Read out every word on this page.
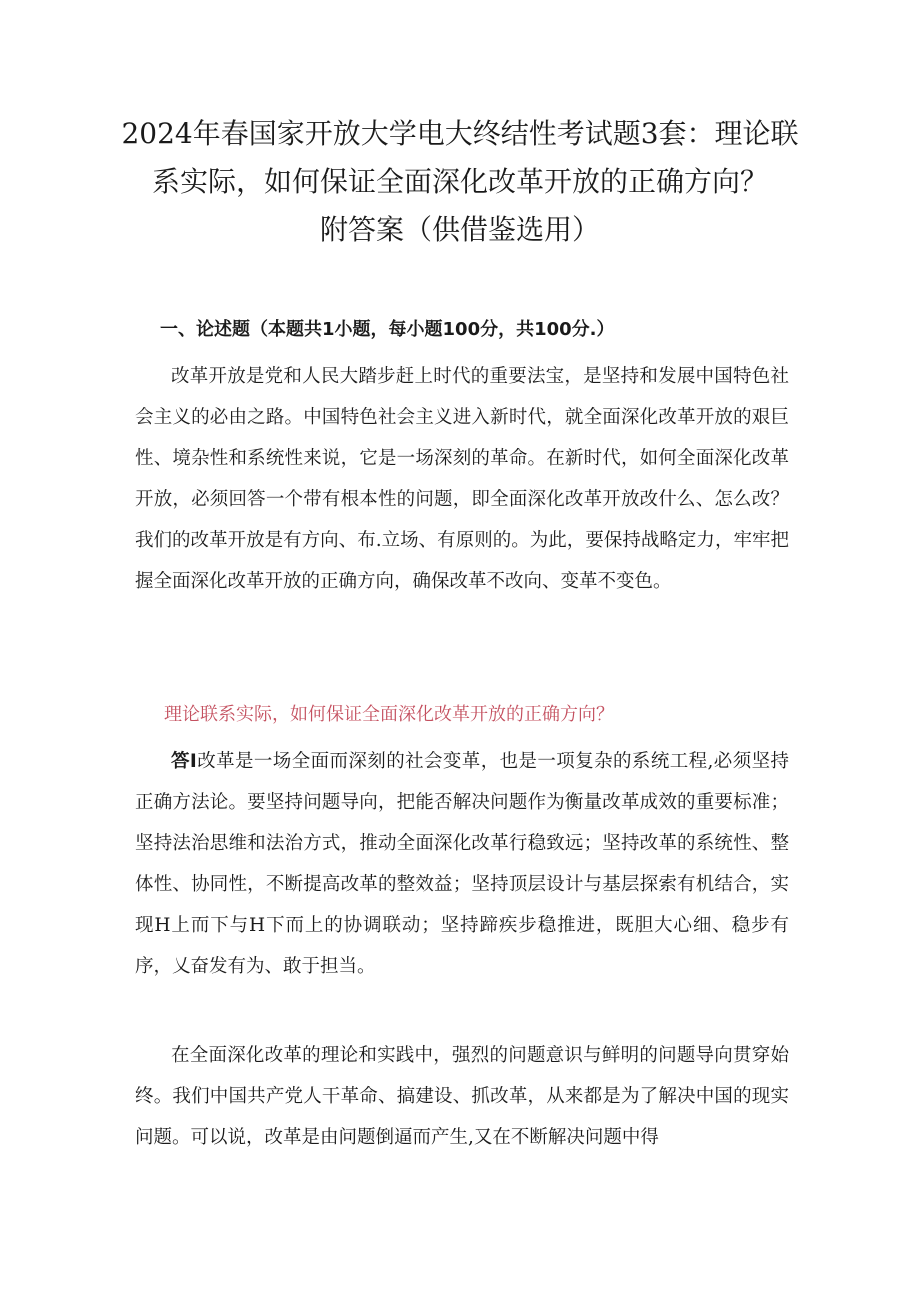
2024年春国家开放大学电大终结性考试题3套：理论联
系实际，如何保证全面深化改革开放的正确方向？
附答案（供借鉴选用）
一、论述题（本题共1小题，每小题100分，共100分.）

改革开放是党和人民大踏步赶上时代的重要法宝，是坚持和发展中国特色社会主义的必由之路。中国特色社会主义进入新时代，就全面深化改革开放的艰巨性、境杂性和系统性来说，它是一场深刻的革命。在新时代，如何全面深化改革开放，必须回答一个带有根本性的问题，即全面深化改革开放改什么、怎么改？我们的改革开放是有方向、布.立场、有原则的。为此，要保持战略定力，牢牢把握全面深化改革开放的正确方向，确保改革不改向、变革不变色。

理论联系实际，如何保证全面深化改革开放的正确方向？

答I改革是一场全面而深刻的社会变革，也是一项复杂的系统工程,必须坚持正确方法论。要坚持问题导向，把能否解决问题作为衡量改革成效的重要标准；坚持法治思维和法治方式，推动全面深化改革行稳致远；坚持改革的系统性、整体性、协同性，不断提高改革的整效益；坚持顶层设计与基层探索有机结合，实现H上而下与H下而上的协调联动；坚持蹄疾步稳推进，既胆大心细、稳步有序，乂奋发有为、敢于担当。

在全面深化改革的理论和实践中，强烈的问题意识与鲜明的问题导向贯穿始终。我们中国共产党人干革命、搞建设、抓改革，从来都是为了解决中国的现实问题。可以说，改革是由问题倒逼而产生,又在不断解决问题中得
